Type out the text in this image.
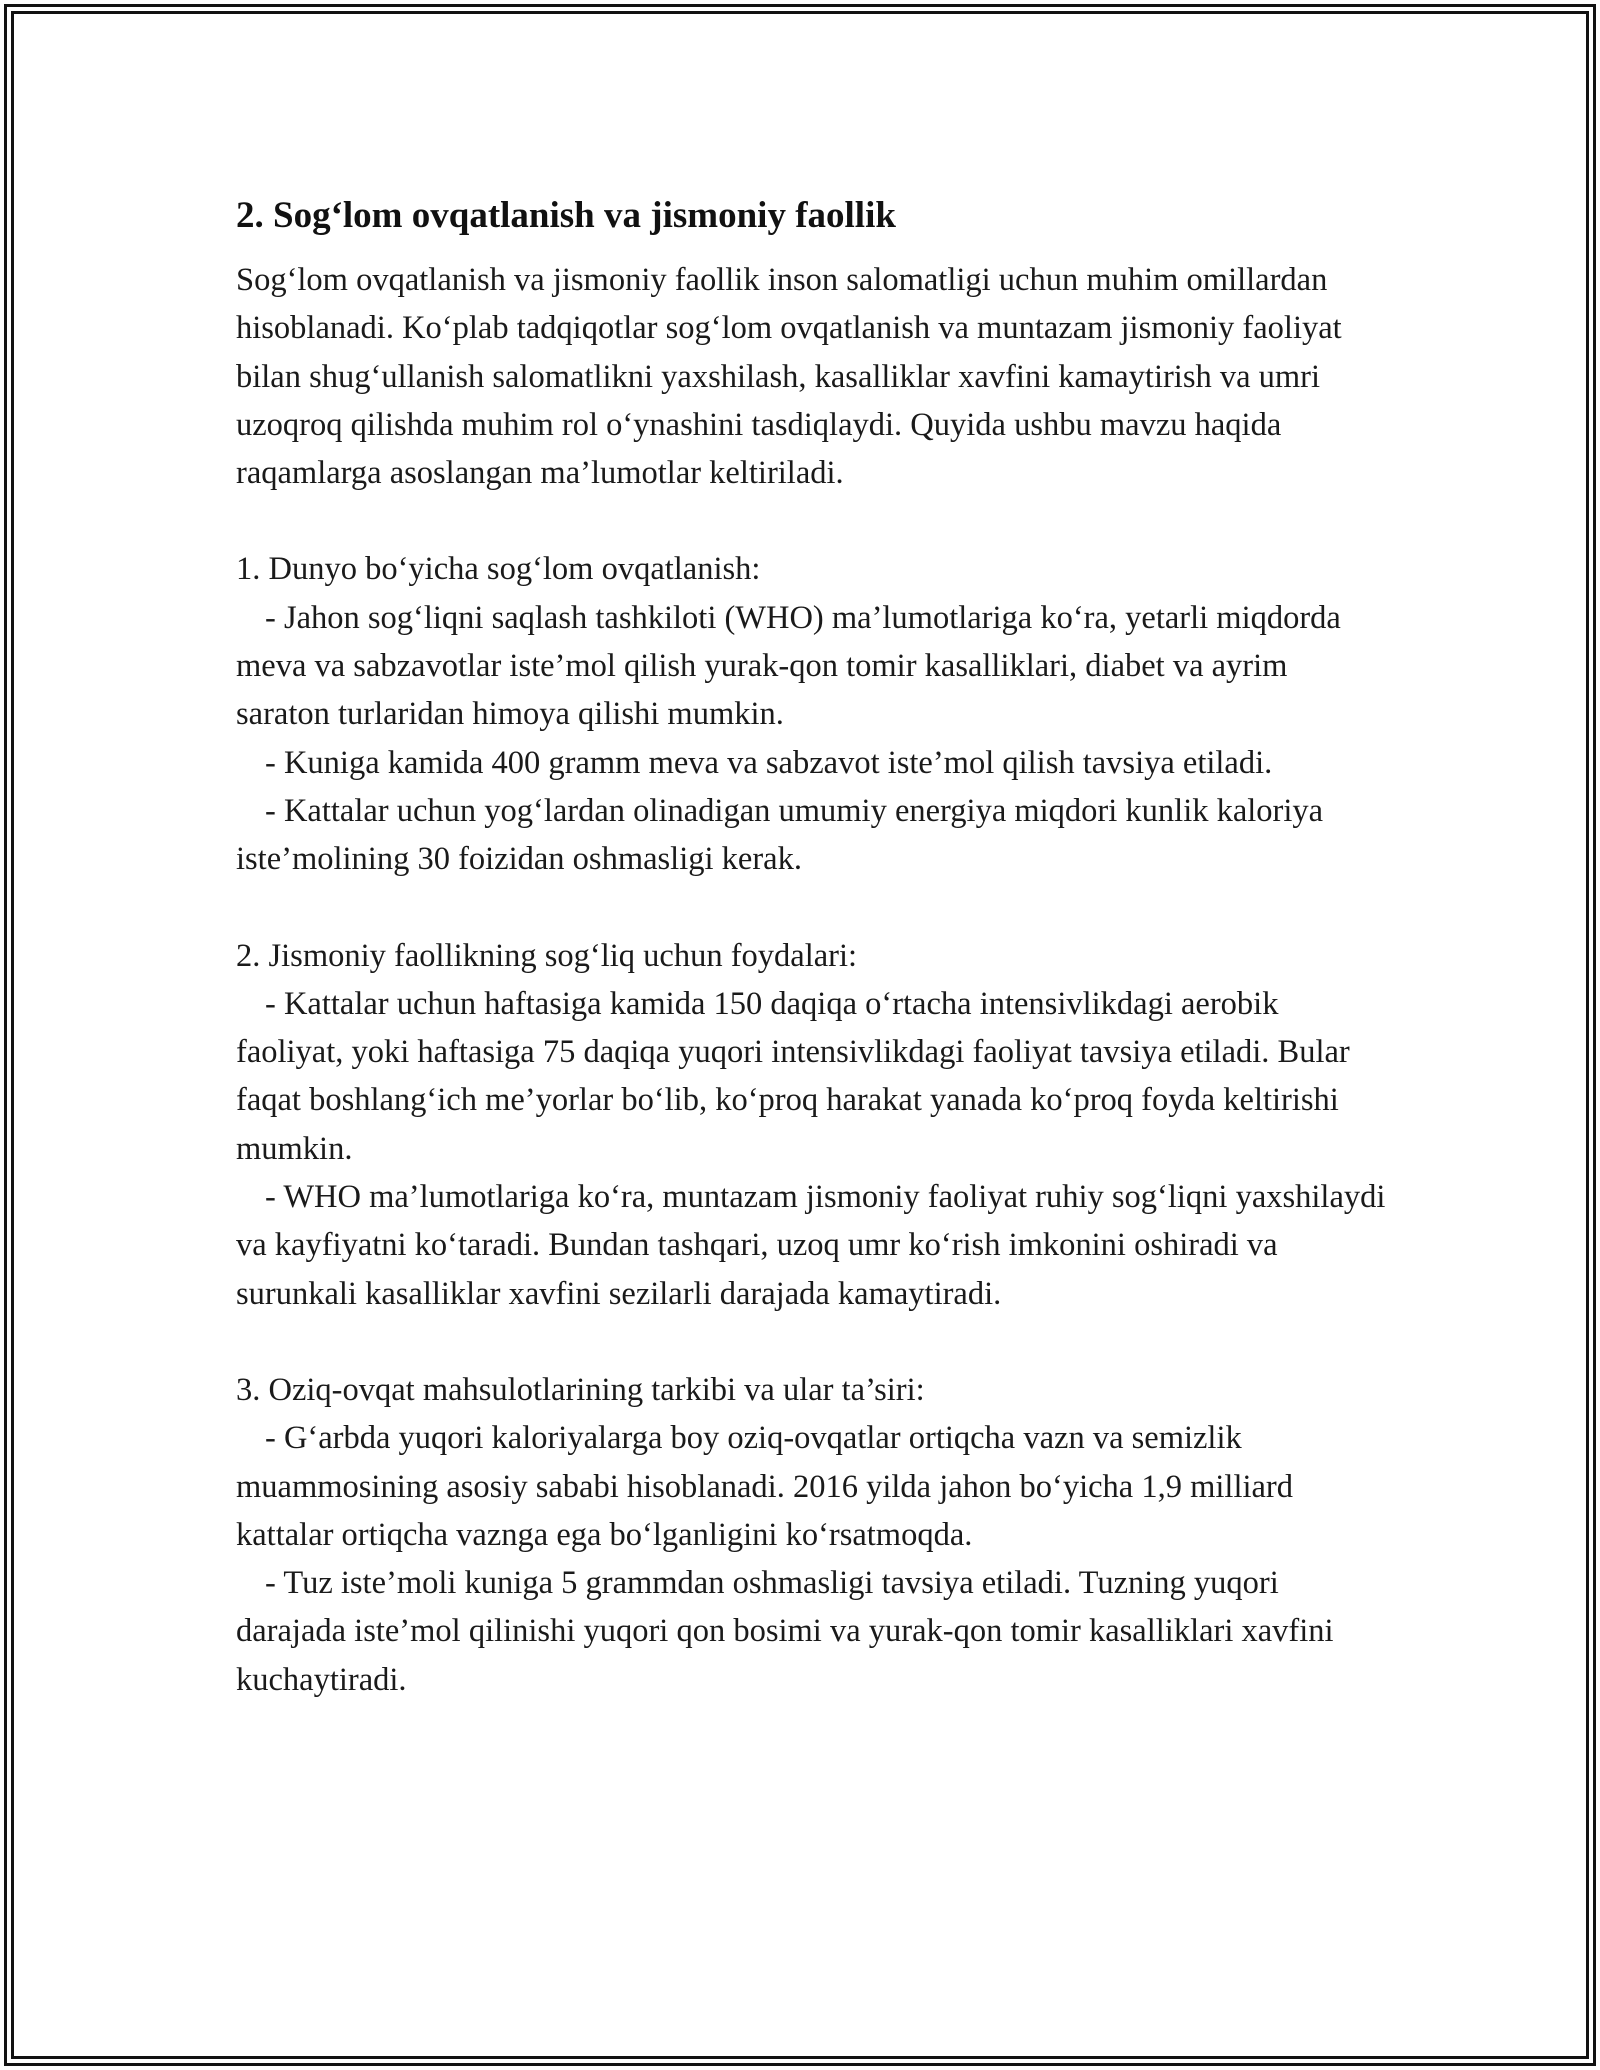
2. Sog‘lom ovqatlanish va jismoniy faollik

Sog‘lom ovqatlanish va jismoniy faollik inson salomatligi uchun muhim omillardan hisoblanadi. Ko‘plab tadqiqotlar sog‘lom ovqatlanish va muntazam jismoniy faoliyat bilan shug‘ullanish salomatlikni yaxshilash, kasalliklar xavfini kamaytirish va umri uzoqroq qilishda muhim rol o‘ynashini tasdiqlaydi. Quyida ushbu mavzu haqida raqamlarga asoslangan ma’lumotlar keltiriladi.

1. Dunyo bo‘yicha sog‘lom ovqatlanish:

- Jahon sog‘liqni saqlash tashkiloti (WHO) ma’lumotlariga ko‘ra, yetarli miqdorda meva va sabzavotlar iste’mol qilish yurak-qon tomir kasalliklari, diabet va ayrim saraton turlaridan himoya qilishi mumkin.

- Kuniga kamida 400 gramm meva va sabzavot iste’mol qilish tavsiya etiladi.

- Kattalar uchun yog‘lardan olinadigan umumiy energiya miqdori kunlik kaloriya iste’molining 30 foizidan oshmasligi kerak.

2. Jismoniy faollikning sog‘liq uchun foydalari:

- Kattalar uchun haftasiga kamida 150 daqiqa o‘rtacha intensivlikdagi aerobik faoliyat, yoki haftasiga 75 daqiqa yuqori intensivlikdagi faoliyat tavsiya etiladi. Bular faqat boshlang‘ich me’yorlar bo‘lib, ko‘proq harakat yanada ko‘proq foyda keltirishi mumkin.

- WHO ma’lumotlariga ko‘ra, muntazam jismoniy faoliyat ruhiy sog‘liqni yaxshilaydi va kayfiyatni ko‘taradi. Bundan tashqari, uzoq umr ko‘rish imkonini oshiradi va surunkali kasalliklar xavfini sezilarli darajada kamaytiradi.

3. Oziq-ovqat mahsulotlarining tarkibi va ular ta’siri:

- G‘arbda yuqori kaloriyalarga boy oziq-ovqatlar ortiqcha vazn va semizlik muammosining asosiy sababi hisoblanadi. 2016 yilda jahon bo‘yicha 1,9 milliard kattalar ortiqcha vaznga ega bo‘lganligini ko‘rsatmoqda.

- Tuz iste’moli kuniga 5 grammdan oshmasligi tavsiya etiladi. Tuzning yuqori darajada iste’mol qilinishi yuqori qon bosimi va yurak-qon tomir kasalliklari xavfini kuchaytiradi.
